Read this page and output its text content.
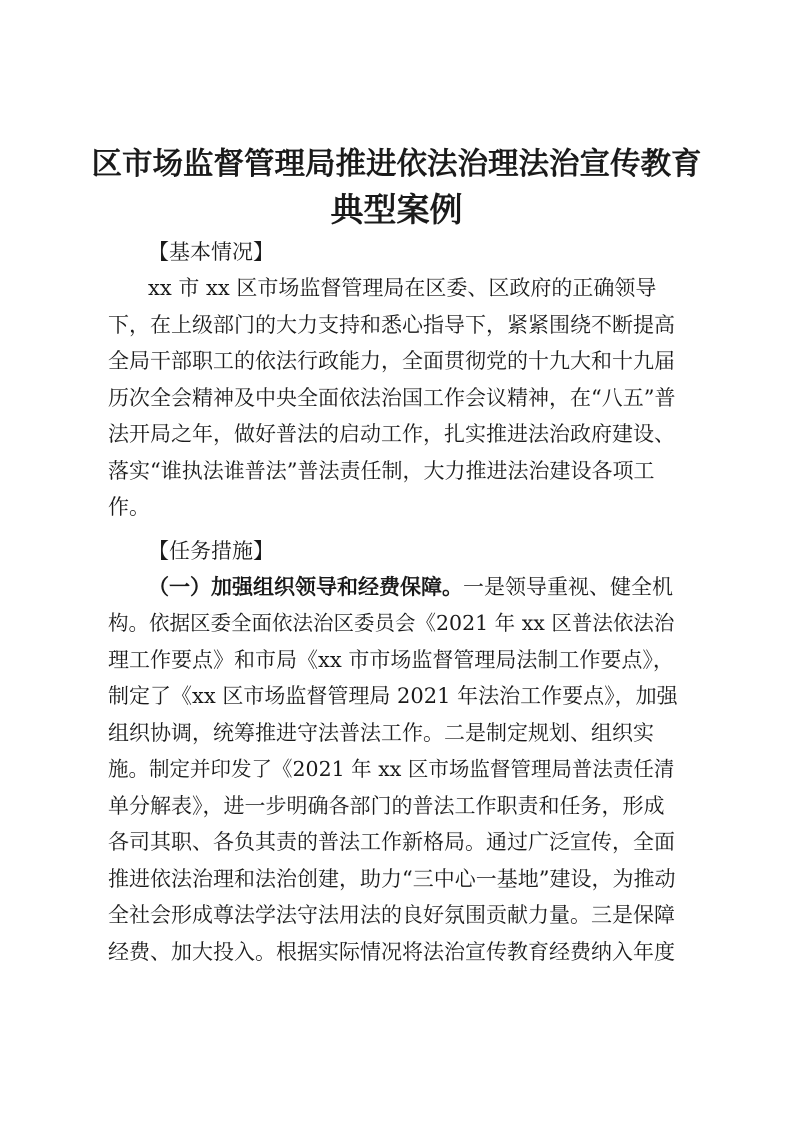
区市场监督管理局推进依法治理法治宣传教育
典型案例
【基本情况】
xx 市 xx 区市场监督管理局在区委、区政府的正确领导
下，在上级部门的大力支持和悉心指导下，紧紧围绕不断提高
全局干部职工的依法行政能力，全面贯彻党的十九大和十九届
历次全会精神及中央全面依法治国工作会议精神，在“八五”普
法开局之年，做好普法的启动工作，扎实推进法治政府建设、
落实“谁执法谁普法”普法责任制，大力推进法治建设各项工
作。
【任务措施】
（一）加强组织领导和经费保障。一是领导重视、健全机
构。依据区委全面依法治区委员会《2021 年 xx 区普法依法治
理工作要点》和市局《xx 市市场监督管理局法制工作要点》，
制定了《xx 区市场监督管理局 2021 年法治工作要点》，加强
组织协调，统筹推进守法普法工作。二是制定规划、组织实
施。制定并印发了《2021 年 xx 区市场监督管理局普法责任清
单分解表》，进一步明确各部门的普法工作职责和任务，形成
各司其职、各负其责的普法工作新格局。通过广泛宣传，全面
推进依法治理和法治创建，助力“三中心一基地”建设，为推动
全社会形成尊法学法守法用法的良好氛围贡献力量。三是保障
经费、加大投入。根据实际情况将法治宣传教育经费纳入年度
